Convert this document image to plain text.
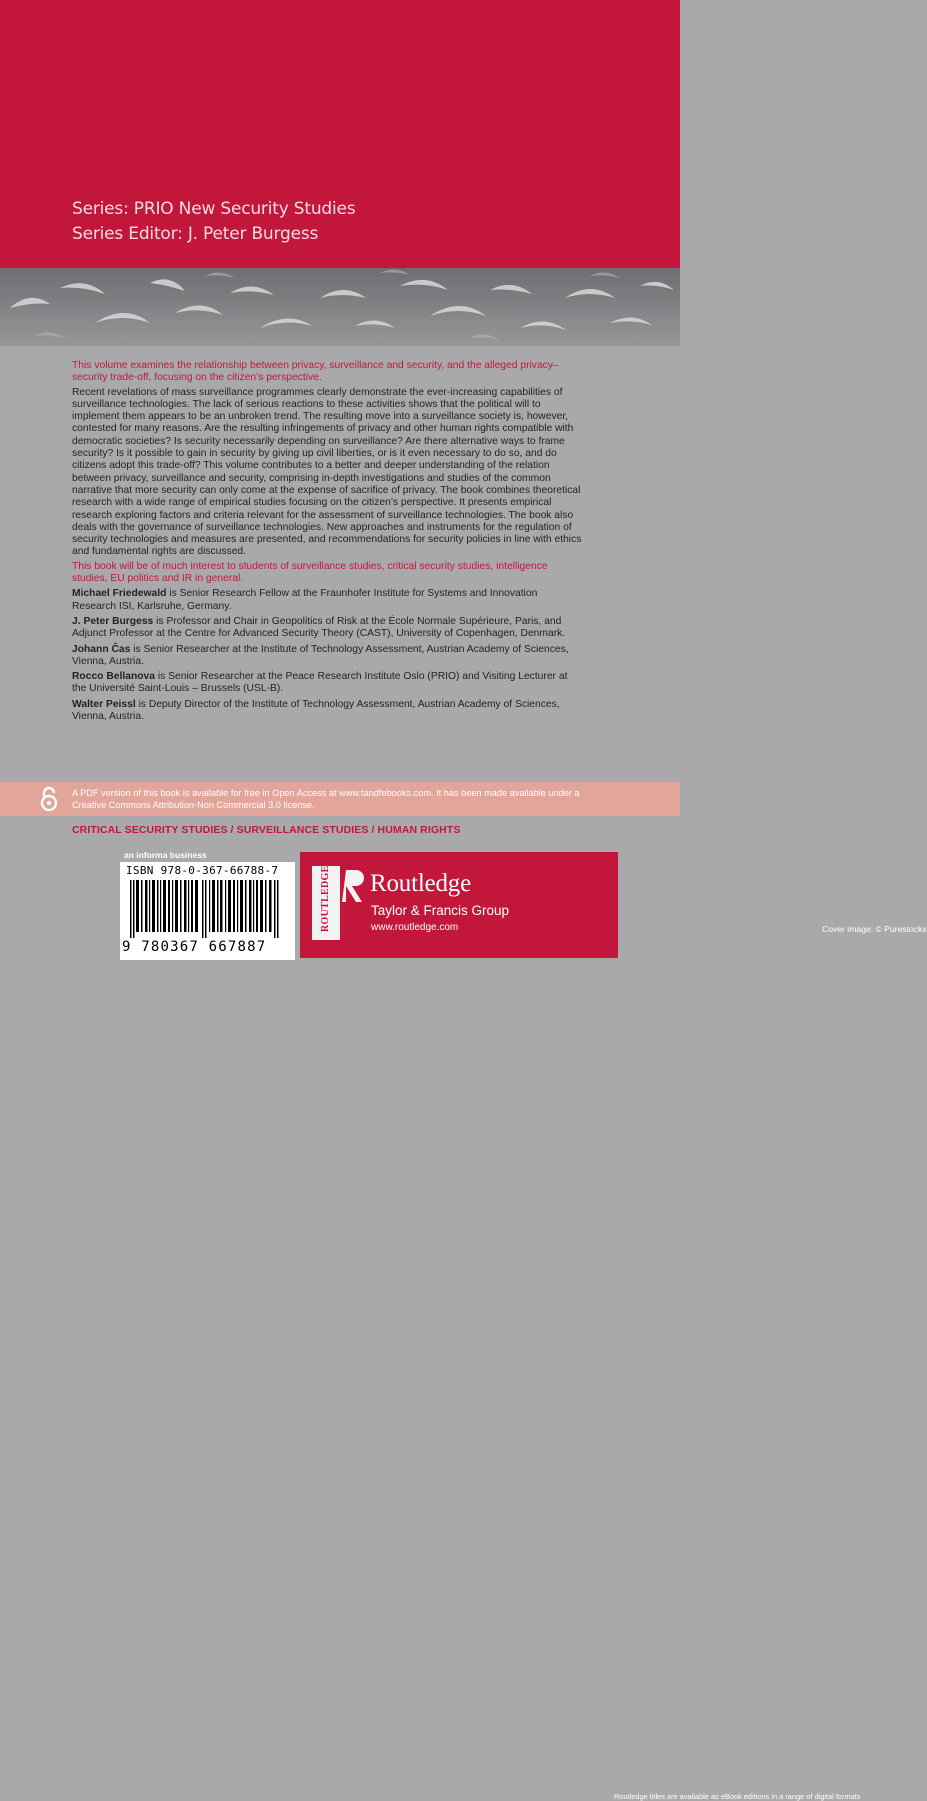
Series: PRIO New Security Studies
Series Editor: J. Peter Burgess

This volume examines the relationship between privacy, surveillance and security, and the alleged privacy–security trade-off, focusing on the citizen’s perspective.

Recent revelations of mass surveillance programmes clearly demonstrate the ever-increasing capabilities of surveillance technologies. The lack of serious reactions to these activities shows that the political will to implement them appears to be an unbroken trend. The resulting move into a surveillance society is, however, contested for many reasons. Are the resulting infringements of privacy and other human rights compatible with democratic societies? Is security necessarily depending on surveillance? Are there alternative ways to frame security? Is it possible to gain in security by giving up civil liberties, or is it even necessary to do so, and do citizens adopt this trade-off? This volume contributes to a better and deeper understanding of the relation between privacy, surveillance and security, comprising in-depth investigations and studies of the common narrative that more security can only come at the expense of sacrifice of privacy. The book combines theoretical research with a wide range of empirical studies focusing on the citizen’s perspective. It presents empirical research exploring factors and criteria relevant for the assessment of surveillance technologies. The book also deals with the governance of surveillance technologies. New approaches and instruments for the regulation of security technologies and measures are presented, and recommendations for security policies in line with ethics and fundamental rights are discussed.

This book will be of much interest to students of surveillance studies, critical security studies, intelligence studies, EU politics and IR in general.

Michael Friedewald is Senior Research Fellow at the Fraunhofer Institute for Systems and Innovation Research ISI, Karlsruhe, Germany.

J. Peter Burgess is Professor and Chair in Geopolitics of Risk at the École Normale Supérieure, Paris, and Adjunct Professor at the Centre for Advanced Security Theory (CAST), University of Copenhagen, Denmark.

Johann Čas is Senior Researcher at the Institute of Technology Assessment, Austrian Academy of Sciences, Vienna, Austria.

Rocco Bellanova is Senior Researcher at the Peace Research Institute Oslo (PRIO) and Visiting Lecturer at the Université Saint-Louis – Brussels (USL-B).

Walter Peissl is Deputy Director of the Institute of Technology Assessment, Austrian Academy of Sciences, Vienna, Austria.

A PDF version of this book is available for free in Open Access at www.tandfebooks.com. It has been made available under a Creative Commons Attribution-Non Commercial 3.0 license.
CRITICAL SECURITY STUDIES / SURVEILLANCE STUDIES / HUMAN RIGHTS
an informa business
ISBN 978-0-367-66788-7
9 780367 667887
ROUTLEDGE Routledge
Taylor & Francis Group
www.routledge.com	Cover image: © Purestockx
Routledge titles are available as eBook editions in a range of digital formats
